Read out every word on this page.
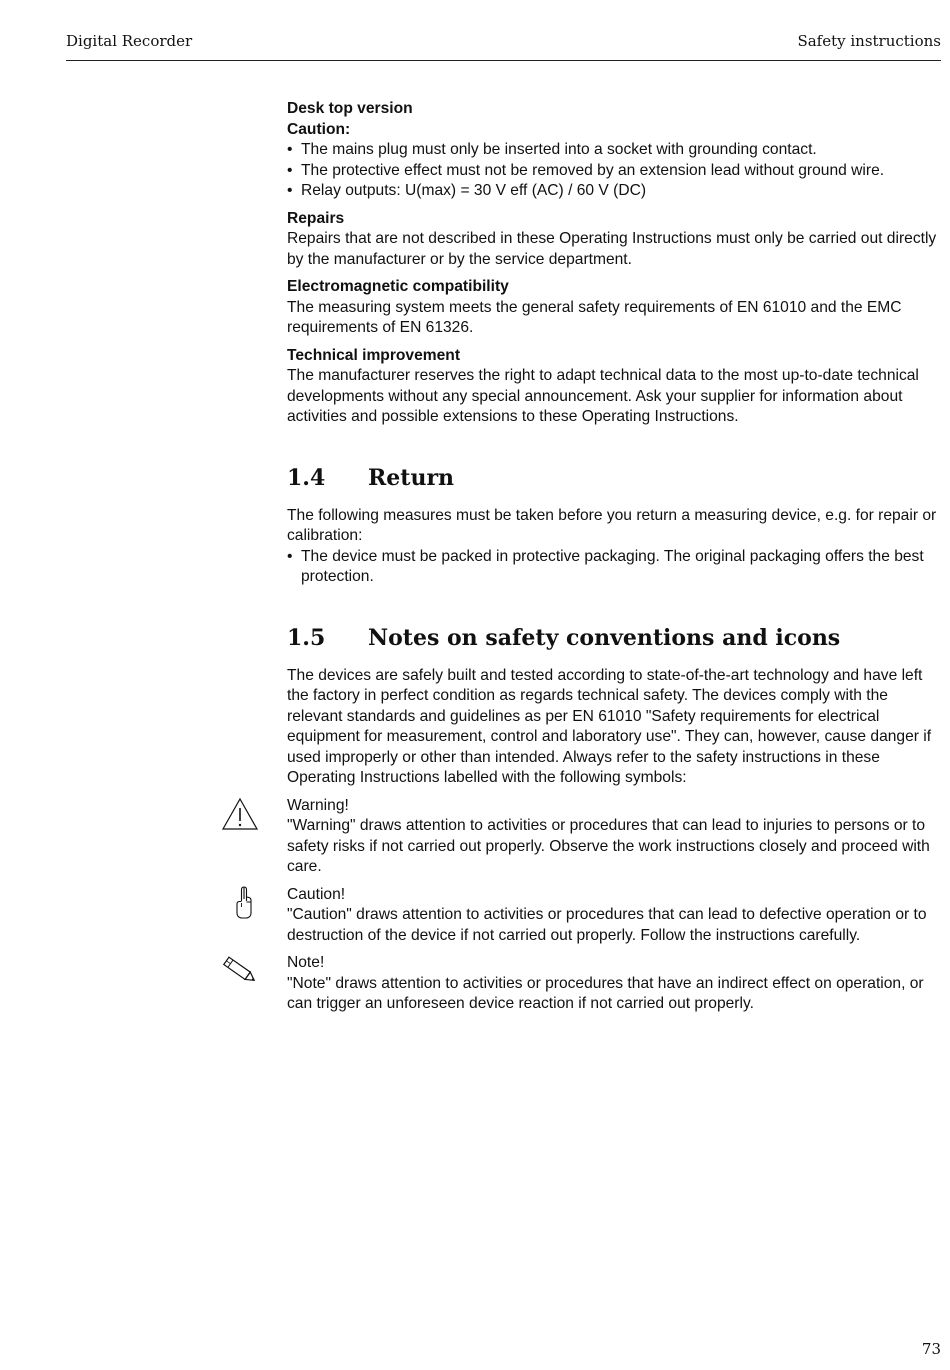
Digital Recorder	Safety instructions

Desk top version

Caution:

• The mains plug must only be inserted into a socket with grounding contact.
• The protective effect must not be removed by an extension lead without ground wire.
• Relay outputs: U(max) = 30 V eff (AC) / 60 V (DC)

Repairs

Repairs that are not described in these Operating Instructions must only be carried out directly by the manufacturer or by the service department.

Electromagnetic compatibility

The measuring system meets the general safety requirements of EN 61010 and the EMC requirements of EN 61326.

Technical improvement

The manufacturer reserves the right to adapt technical data to the most up-to-date technical developments without any special announcement. Ask your supplier for information about activities and possible extensions to these Operating Instructions.

1.4	Return

The following measures must be taken before you return a measuring device, e.g. for repair or calibration:

• The device must be packed in protective packaging. The original packaging offers the best protection.
1.5	Notes on safety conventions and icons

The devices are safely built and tested according to state-of-the-art technology and have left the factory in perfect condition as regards technical safety. The devices comply with the relevant standards and guidelines as per EN 61010 "Safety requirements for electrical equipment for measurement, control and laboratory use". They can, however, cause danger if used improperly or other than intended. Always refer to the safety instructions in these Operating Instructions labelled with the following symbols:

Warning!

"Warning" draws attention to activities or procedures that can lead to injuries to persons or to safety risks if not carried out properly. Observe the work instructions closely and proceed with care.

Caution!

"Caution" draws attention to activities or procedures that can lead to defective operation or to destruction of the device if not carried out properly. Follow the instructions carefully.

Note!

"Note" draws attention to activities or procedures that have an indirect effect on operation, or can trigger an unforeseen device reaction if not carried out properly.

73
